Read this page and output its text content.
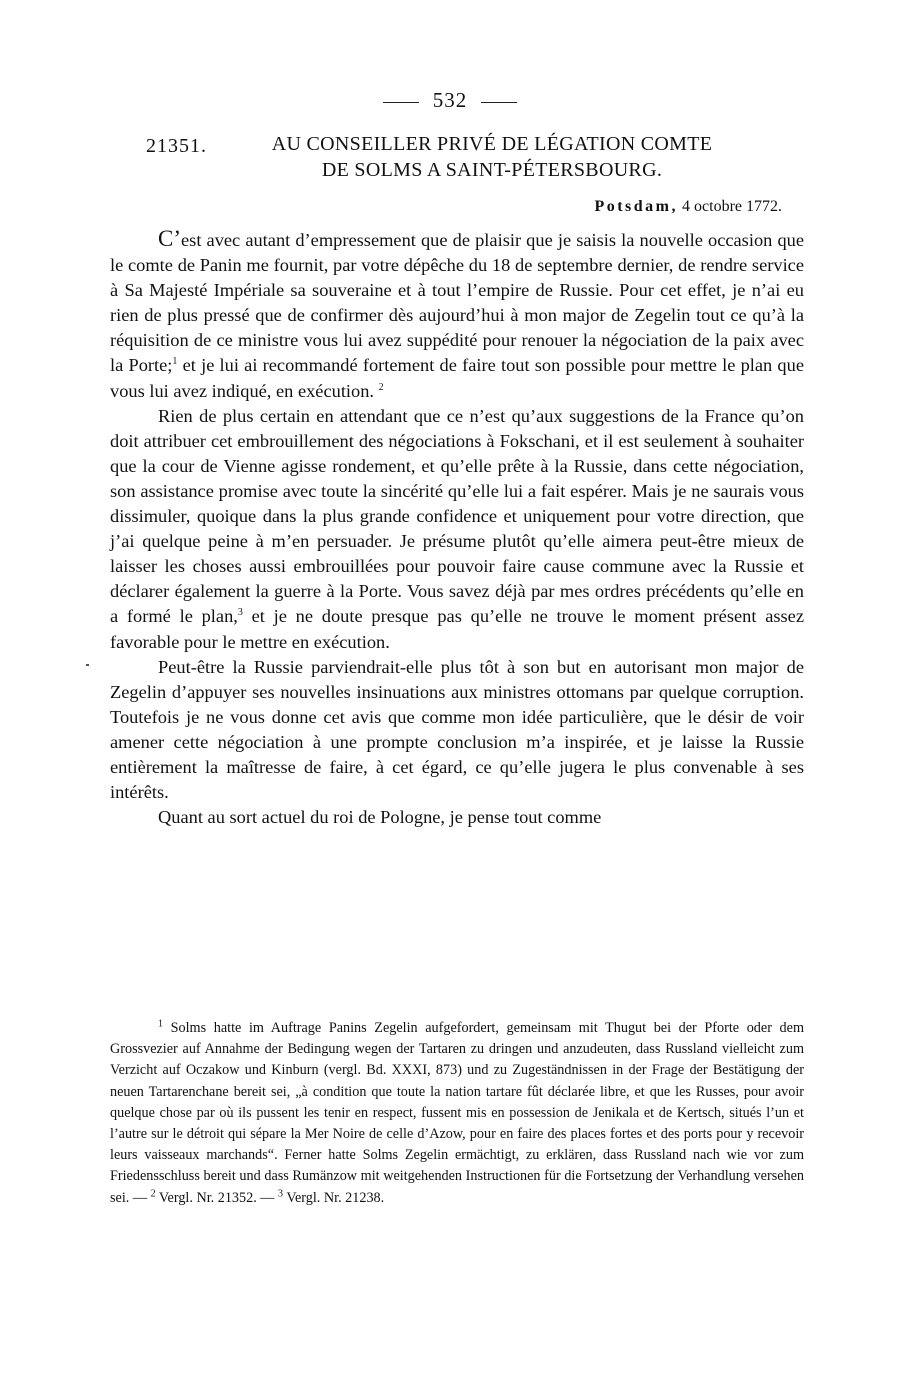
532
21351.	AU CONSEILLER PRIVÉ DE LÉGATION COMTE
DE SOLMS A SAINT-PÉTERSBOURG.
Potsdam, 4 octobre 1772.

C’est avec autant d’empressement que de plaisir que je saisis la nouvelle occasion que le comte de Panin me fournit, par votre dépêche du 18 de septembre dernier, de rendre service à Sa Majesté Impériale sa souveraine et à tout l’empire de Russie. Pour cet effet, je n’ai eu rien de plus pressé que de confirmer dès aujourd’hui à mon major de Zegelin tout ce qu’à la réquisition de ce ministre vous lui avez suppédité pour renouer la négociation de la paix avec la Porte;$^1$ et je lui ai recommandé fortement de faire tout son possible pour mettre le plan que vous lui avez indiqué, en exécution. $^2$

Rien de plus certain en attendant que ce n’est qu’aux suggestions de la France qu’on doit attribuer cet embrouillement des négociations à Fokschani, et il est seulement à souhaiter que la cour de Vienne agisse rondement, et qu’elle prête à la Russie, dans cette négociation, son assistance promise avec toute la sincérité qu’elle lui a fait espérer. Mais je ne saurais vous dissimuler, quoique dans la plus grande confidence et uniquement pour votre direction, que j’ai quelque peine à m’en persuader. Je présume plutôt qu’elle aimera peut-être mieux de laisser les choses aussi embrouillées pour pouvoir faire cause commune avec la Russie et déclarer également la guerre à la Porte. Vous savez déjà par mes ordres précédents qu’elle en a formé le plan,$^3$ et je ne doute presque pas qu’elle ne trouve le moment présent assez favorable pour le mettre en exécution.

Peut-être la Russie parviendrait-elle plus tôt à son but en autorisant mon major de Zegelin d’appuyer ses nouvelles insinuations aux ministres ottomans par quelque corruption. Toutefois je ne vous donne cet avis que comme mon idée particulière, que le désir de voir amener cette négociation à une prompte conclusion m’a inspirée, et je laisse la Russie entièrement la maîtresse de faire, à cet égard, ce qu’elle jugera le plus convenable à ses intérêts.

Quant au sort actuel du roi de Pologne, je pense tout comme

$^1$ Solms hatte im Auftrage Panins Zegelin aufgefordert, gemeinsam mit Thugut bei der Pforte oder dem Grossvezier auf Annahme der Bedingung wegen der Tartaren zu dringen und anzudeuten, dass Russland vielleicht zum Verzicht auf Oczakow und Kinburn (vergl. Bd. XXXI, 873) und zu Zugeständnissen in der Frage der Bestätigung der neuen Tartarenchane bereit sei, „à condition que toute la nation tartare fût déclarée libre, et que les Russes, pour avoir quelque chose par où ils pussent les tenir en respect, fussent mis en possession de Jenikala et de Kertsch, situés l’un et l’autre sur le détroit qui sépare la Mer Noire de celle d’Azow, pour en faire des places fortes et des ports pour y recevoir leurs vaisseaux marchands“. Ferner hatte Solms Zegelin ermächtigt, zu erklären, dass Russland nach wie vor zum Friedensschluss bereit und dass Rumänzow mit weitgehenden Instructionen für die Fortsetzung der Verhandlung versehen sei. — $^2$ Vergl. Nr. 21352. — $^3$ Vergl. Nr. 21238.
